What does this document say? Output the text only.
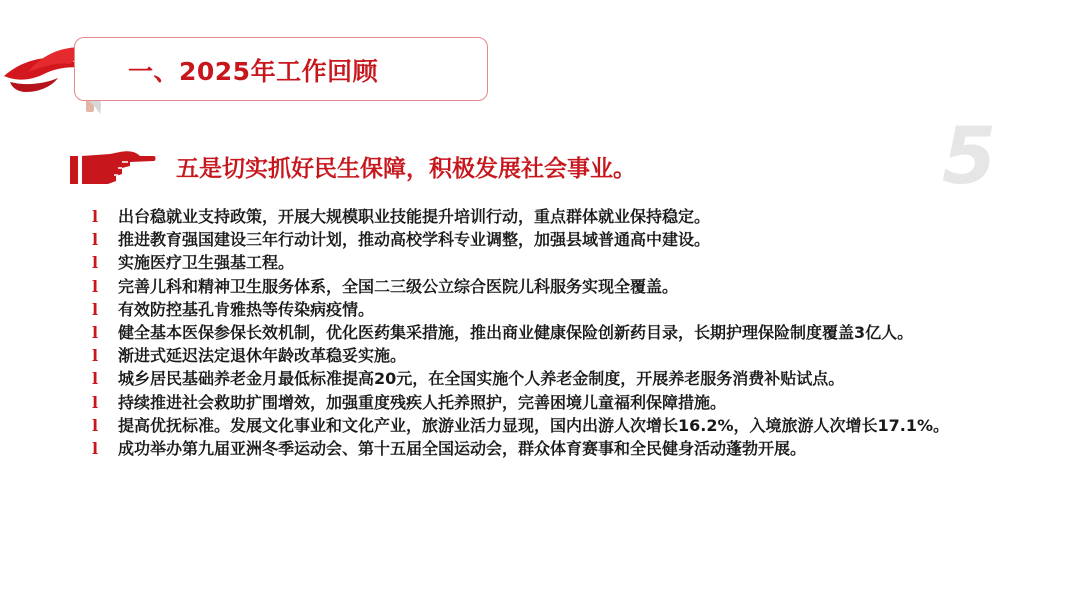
一、2025年工作回顾
五是切实抓好民生保障，积极发展社会事业。	5
l 出台稳就业支持政策，开展大规模职业技能提升培训行动，重点群体就业保持稳定。
l 推进教育强国建设三年行动计划，推动高校学科专业调整，加强县域普通高中建设。
l 实施医疗卫生强基工程。
l 完善儿科和精神卫生服务体系，全国二三级公立综合医院儿科服务实现全覆盖。
l 有效防控基孔肯雅热等传染病疫情。
l 健全基本医保参保长效机制，优化医药集采措施，推出商业健康保险创新药目录，长期护理保险制度覆盖3亿人。
l 渐进式延迟法定退休年龄改革稳妥实施。
l 城乡居民基础养老金月最低标准提高20元，在全国实施个人养老金制度，开展养老服务消费补贴试点。
l 持续推进社会救助扩围增效，加强重度残疾人托养照护，完善困境儿童福利保障措施。
l 提高优抚标准。发展文化事业和文化产业，旅游业活力显现，国内出游人次增长16.2%，入境旅游人次增长17.1%。
l 成功举办第九届亚洲冬季运动会、第十五届全国运动会，群众体育赛事和全民健身活动蓬勃开展。
